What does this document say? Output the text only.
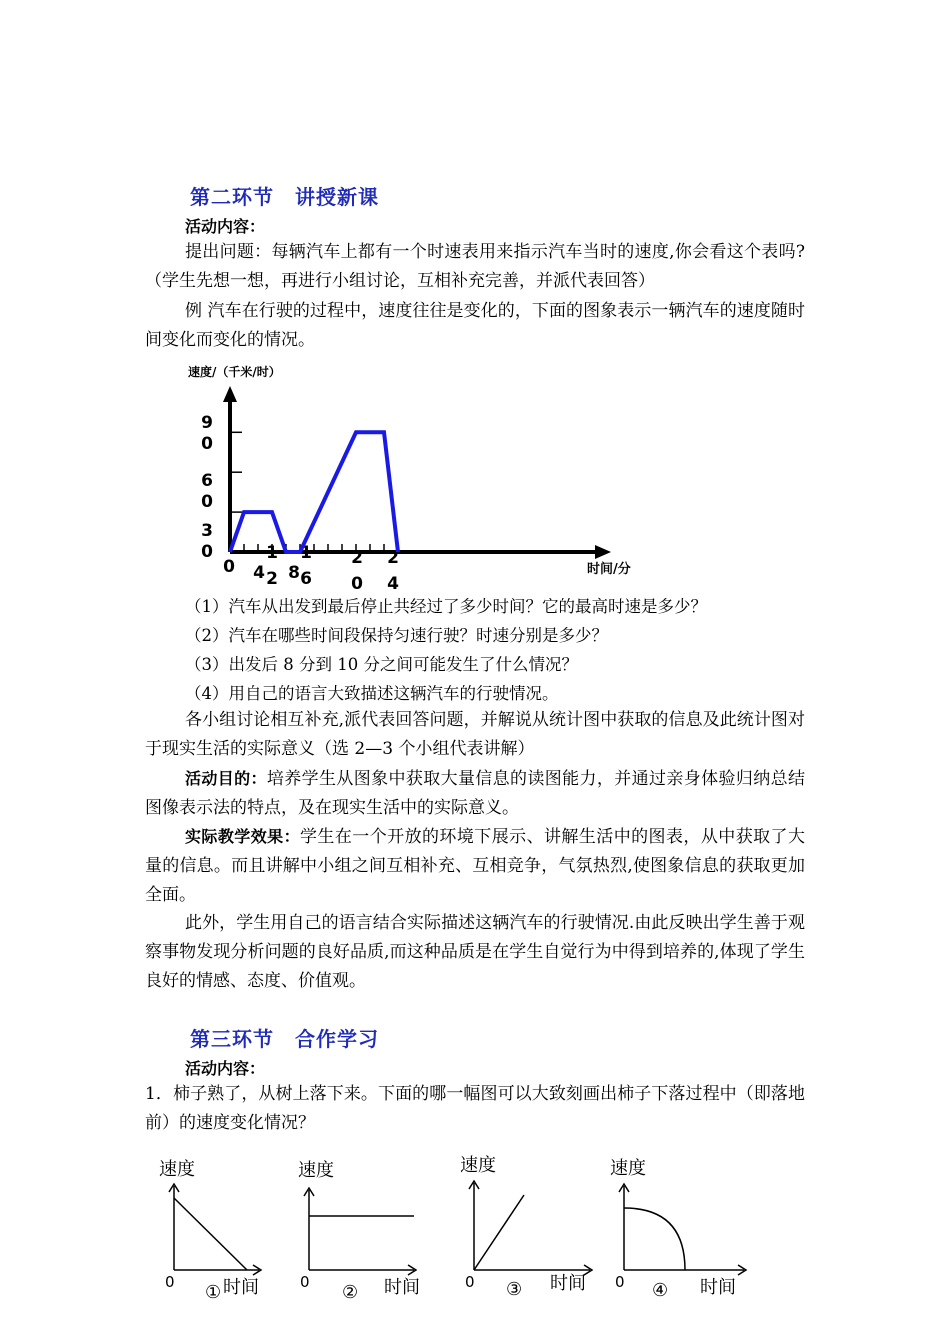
第二环节　讲授新课
活动内容：
提出问题：每辆汽车上都有一个时速表用来指示汽车当时的速度,你会看这个表吗?（学生先想一想，再进行小组讨论，互相补充完善，并派代表回答）
例 汽车在行驶的过程中，速度往往是变化的，下面的图象表示一辆汽车的速度随时间变化而变化的情况。
速度/（千米/时）
时间/分
9
0
6
0
3
0
0 4 8
1
2
1
6
2
0
2
4
（1）汽车从出发到最后停止共经过了多少时间？它的最高时速是多少？
（2）汽车在哪些时间段保持匀速行驶？时速分别是多少？
（3）出发后 8 分到 10 分之间可能发生了什么情况？
（4）用自己的语言大致描述这辆汽车的行驶情况。
各小组讨论相互补充,派代表回答问题，并解说从统计图中获取的信息及此统计图对于现实生活的实际意义（选 2—3 个小组代表讲解）
活动目的：培养学生从图象中获取大量信息的读图能力，并通过亲身体验归纳总结图像表示法的特点，及在现实生活中的实际意义。
实际教学效果：学生在一个开放的环境下展示、讲解生活中的图表，从中获取了大量的信息。而且讲解中小组之间互相补充、互相竞争，气氛热烈,使图象信息的获取更加全面。
此外，学生用自己的语言结合实际描述这辆汽车的行驶情况.由此反映出学生善于观察事物发现分析问题的良好品质,而这种品质是在学生自觉行为中得到培养的,体现了学生良好的情感、态度、价值观。
第三环节　合作学习
活动内容：
1．柿子熟了，从树上落下来。下面的哪一幅图可以大致刻画出柿子下落过程中（即落地前）的速度变化情况？
速度
0 ① 时间
速度
0 ② 时间
速度
0 ③ 时间
速度
0 ④ 时间
